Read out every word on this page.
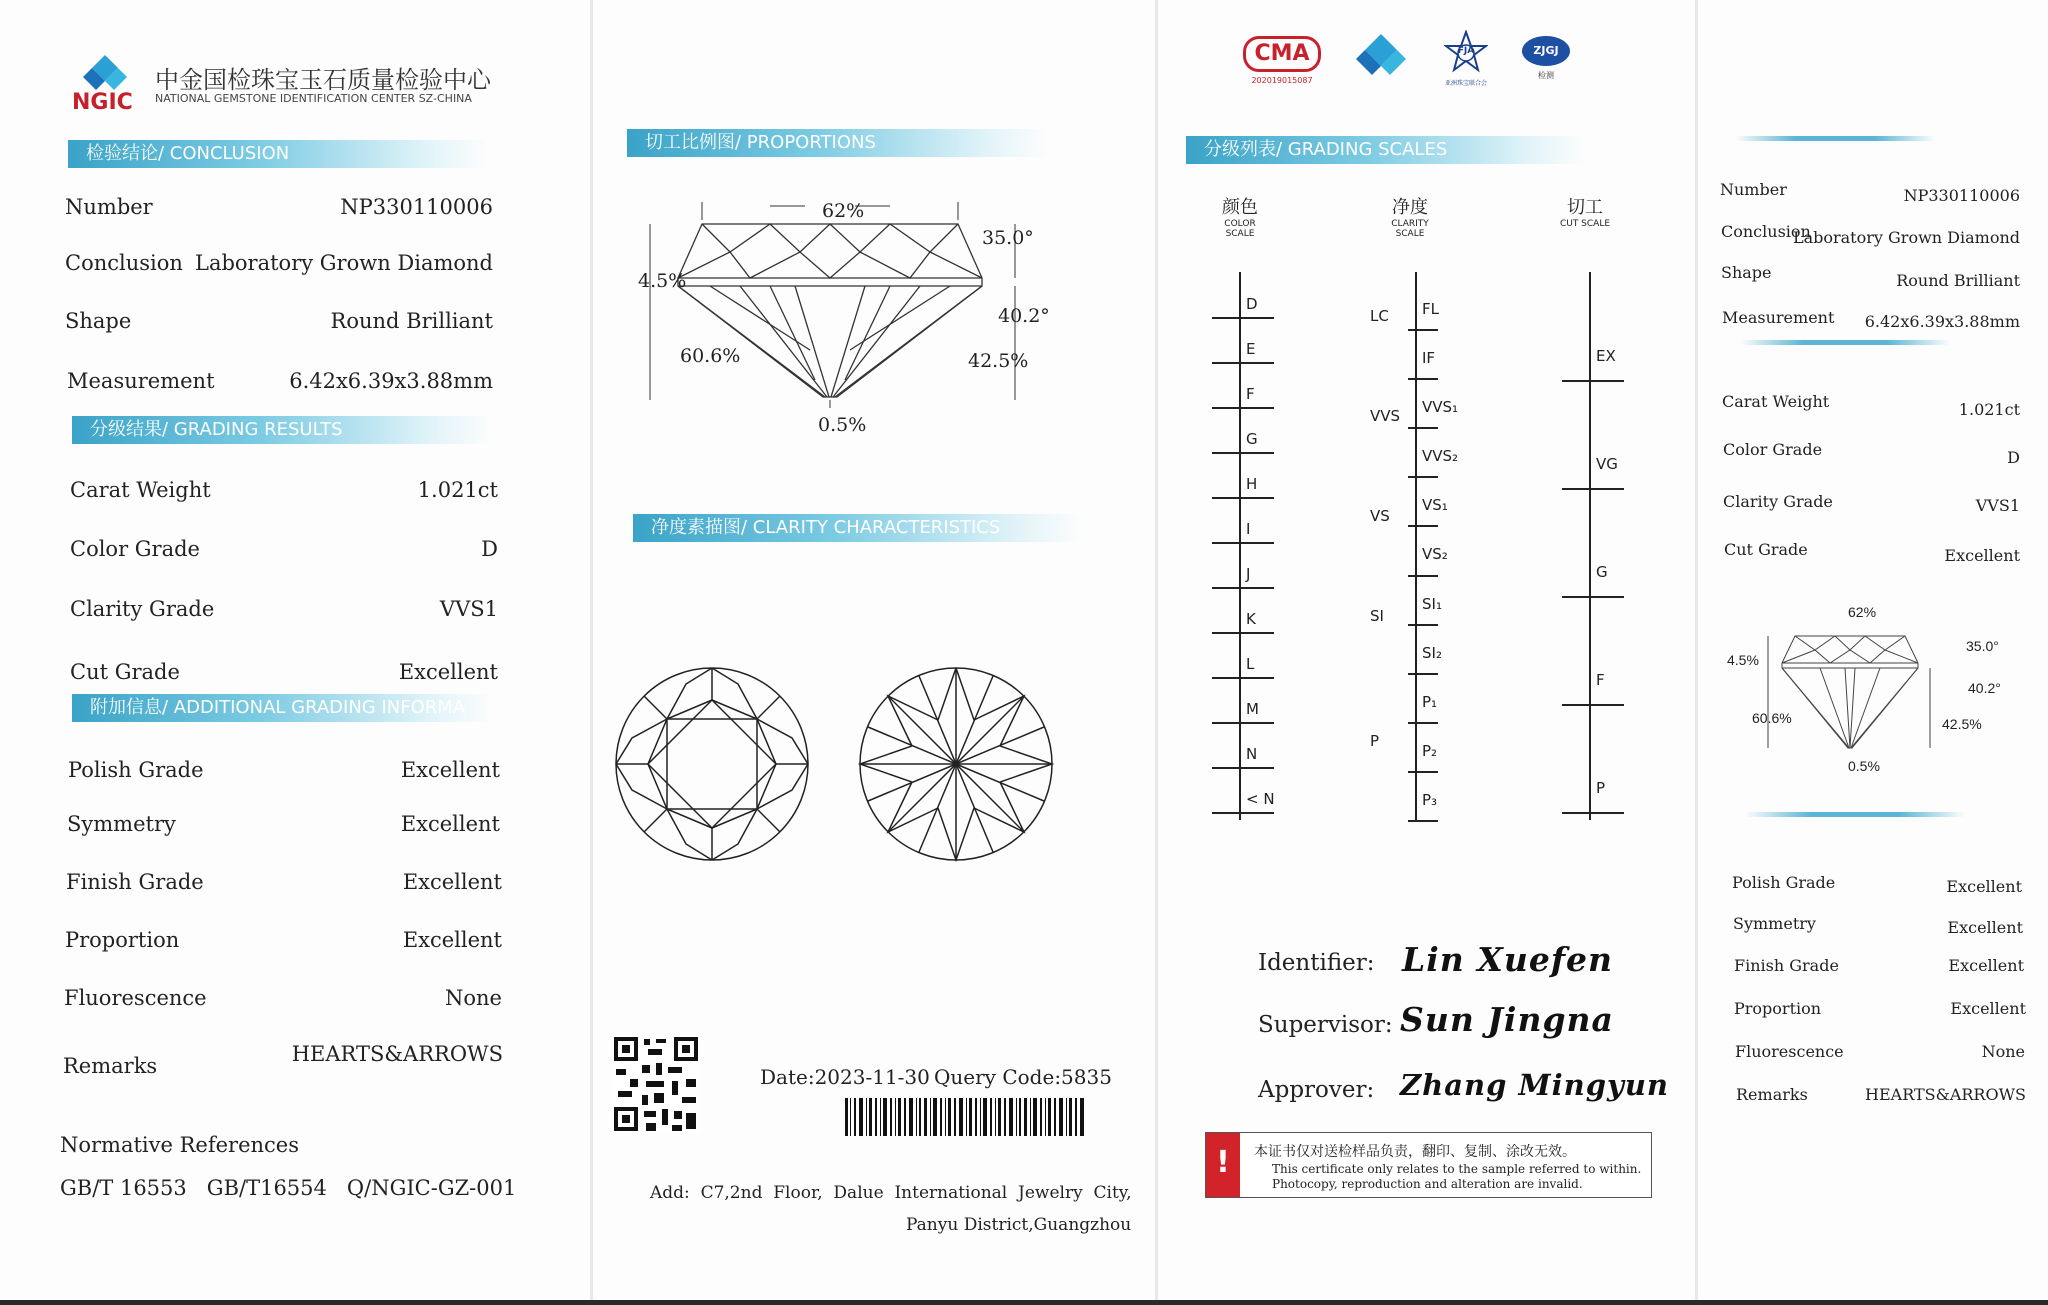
NGIC
中金国检珠宝玉石质量检验中心
NATIONAL GEMSTONE IDENTIFICATION CENTER SZ-CHINA
检验结论/ CONCLUSION
Number	NP330110006
Conclusion Laboratory Grown Diamond
Shape	Round Brilliant
Measurement	6.42x6.39x3.88mm
分级结果/ GRADING RESULTS
Carat Weight	1.021ct
Color Grade	D
Clarity Grade	VVS1
Cut Grade	Excellent
附加信息/ ADDITIONAL GRADING INFORMA
Polish Grade	Excellent
Symmetry	Excellent
Finish Grade	Excellent
Proportion	Excellent
Fluorescence	None
Remarks	HEARTS&ARROWS
Normative References
GB/T 16553   GB/T16554   Q/NGIC-GZ-001
切工比例图/ PROPORTIONS
62%
35.0°
4.5%
40.2°
60.6%	42.5%
0.5%
净度素描图/ CLARITY CHARACTERISTICS
Date:2023-11-30 Query Code:5835
Add:  C7,2nd  Floor,  Dalue  International  Jewelry  City,
Panyu District,Guangzhou
CMA
202019015087
FJA
亚洲珠宝联合会
ZJGJ
检测
分级列表/ GRADING SCALES
颜色
COLOR SCALE
净度
CLARITY SCALE
切工
CUT SCALE
D
E
F
G
H
I
J
K
L
M
N
< N
FL
IF
VVS₁
VVS₂
VS₁
VS₂
SI₁
SI₂
P₁
P₂
P₃
LC
VVS
VS
SI
P
EX
VG
G
F
P
Identifier: Lin Xuefen
Supervisor: Sun Jingna
Approver: Zhang Mingyun
!	本证书仅对送检样品负责，翻印、复制、涂改无效。
This certificate only relates to the sample referred to within.
Photocopy, reproduction and alteration are invalid.
Number	NP330110006
Conclusion
Laboratory Grown Diamond
Shape	Round Brilliant
Measurement 6.42x6.39x3.88mm
Carat Weight	1.021ct
Color Grade	D
Clarity Grade	VVS1
Cut Grade	Excellent
62%
35.0°
4.5%
40.2°
60.6%	42.5%
0.5%
Polish Grade	Excellent
Symmetry	Excellent
Finish Grade	Excellent
Proportion	Excellent
Fluorescence	None
Remarks	HEARTS&ARROWS
